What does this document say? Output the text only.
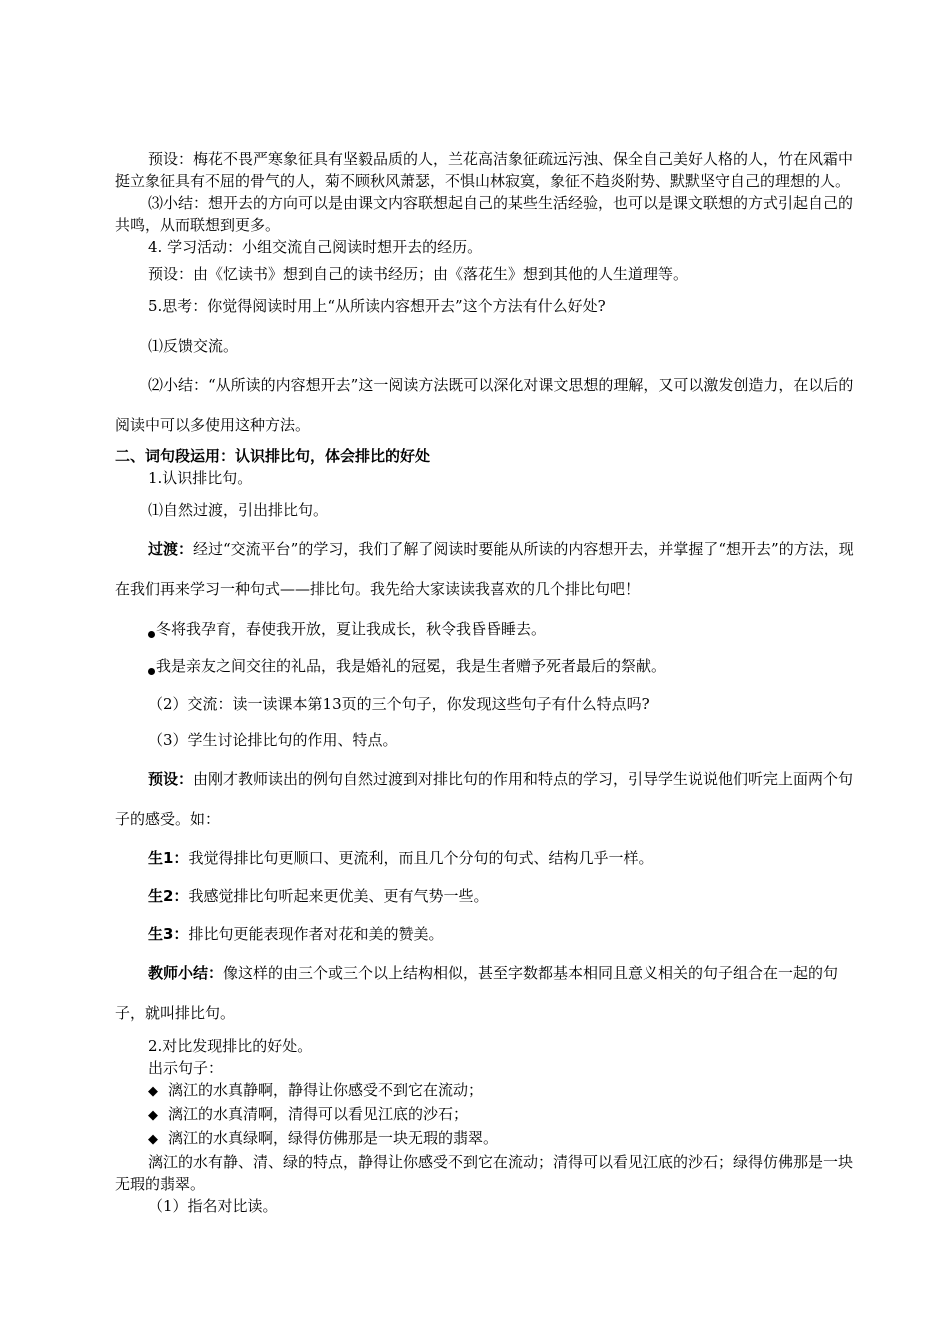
预设：梅花不畏严寒象征具有坚毅品质的人，兰花高洁象征疏远污浊、保全自己美好人格的人，竹在风霜中挺立象征具有不屈的骨气的人，菊不顾秋风萧瑟，不惧山林寂寞，象征不趋炎附势、默默坚守自己的理想的人。

⑶小结：想开去的方向可以是由课文内容联想起自己的某些生活经验，也可以是课文联想的方式引起自己的共鸣，从而联想到更多。

4. 学习活动：小组交流自己阅读时想开去的经历。

预设：由《忆读书》想到自己的读书经历；由《落花生》想到其他的人生道理等。

5.思考：你觉得阅读时用上“从所读内容想开去”这个方法有什么好处?

⑴反馈交流。

⑵小结：“从所读的内容想开去”这一阅读方法既可以深化对课文思想的理解，又可以激发创造力，在以后的阅读中可以多使用这种方法。

二、词句段运用：认识排比句，体会排比的好处

1.认识排比句。

⑴自然过渡，引出排比句。

过渡：经过“交流平台”的学习，我们了解了阅读时要能从所读的内容想开去，并掌握了“想开去”的方法，现在我们再来学习一种句式——排比句。我先给大家读读我喜欢的几个排比句吧！

冬将我孕育，春使我开放，夏让我成长，秋令我昏昏睡去。

我是亲友之间交往的礼品，我是婚礼的冠冕，我是生者赠予死者最后的祭献。

（2）交流：读一读课本第13页的三个句子，你发现这些句子有什么特点吗?

（3）学生讨论排比句的作用、特点。

预设：由刚才教师读出的例句自然过渡到对排比句的作用和特点的学习，引导学生说说他们听完上面两个句子的感受。如：

生1：我觉得排比句更顺口、更流利，而且几个分句的句式、结构几乎一样。

生2：我感觉排比句听起来更优美、更有气势一些。

生3：排比句更能表现作者对花和美的赞美。

教师小结：像这样的由三个或三个以上结构相似，甚至字数都基本相同且意义相关的句子组合在一起的句子，就叫排比句。

2.对比发现排比的好处。

出示句子：

◆ 漓江的水真静啊，静得让你感受不到它在流动；

◆ 漓江的水真清啊，清得可以看见江底的沙石；

◆ 漓江的水真绿啊，绿得仿佛那是一块无瑕的翡翠。

漓江的水有静、清、绿的特点，静得让你感受不到它在流动；清得可以看见江底的沙石；绿得仿佛那是一块无瑕的翡翠。

（1）指名对比读。
